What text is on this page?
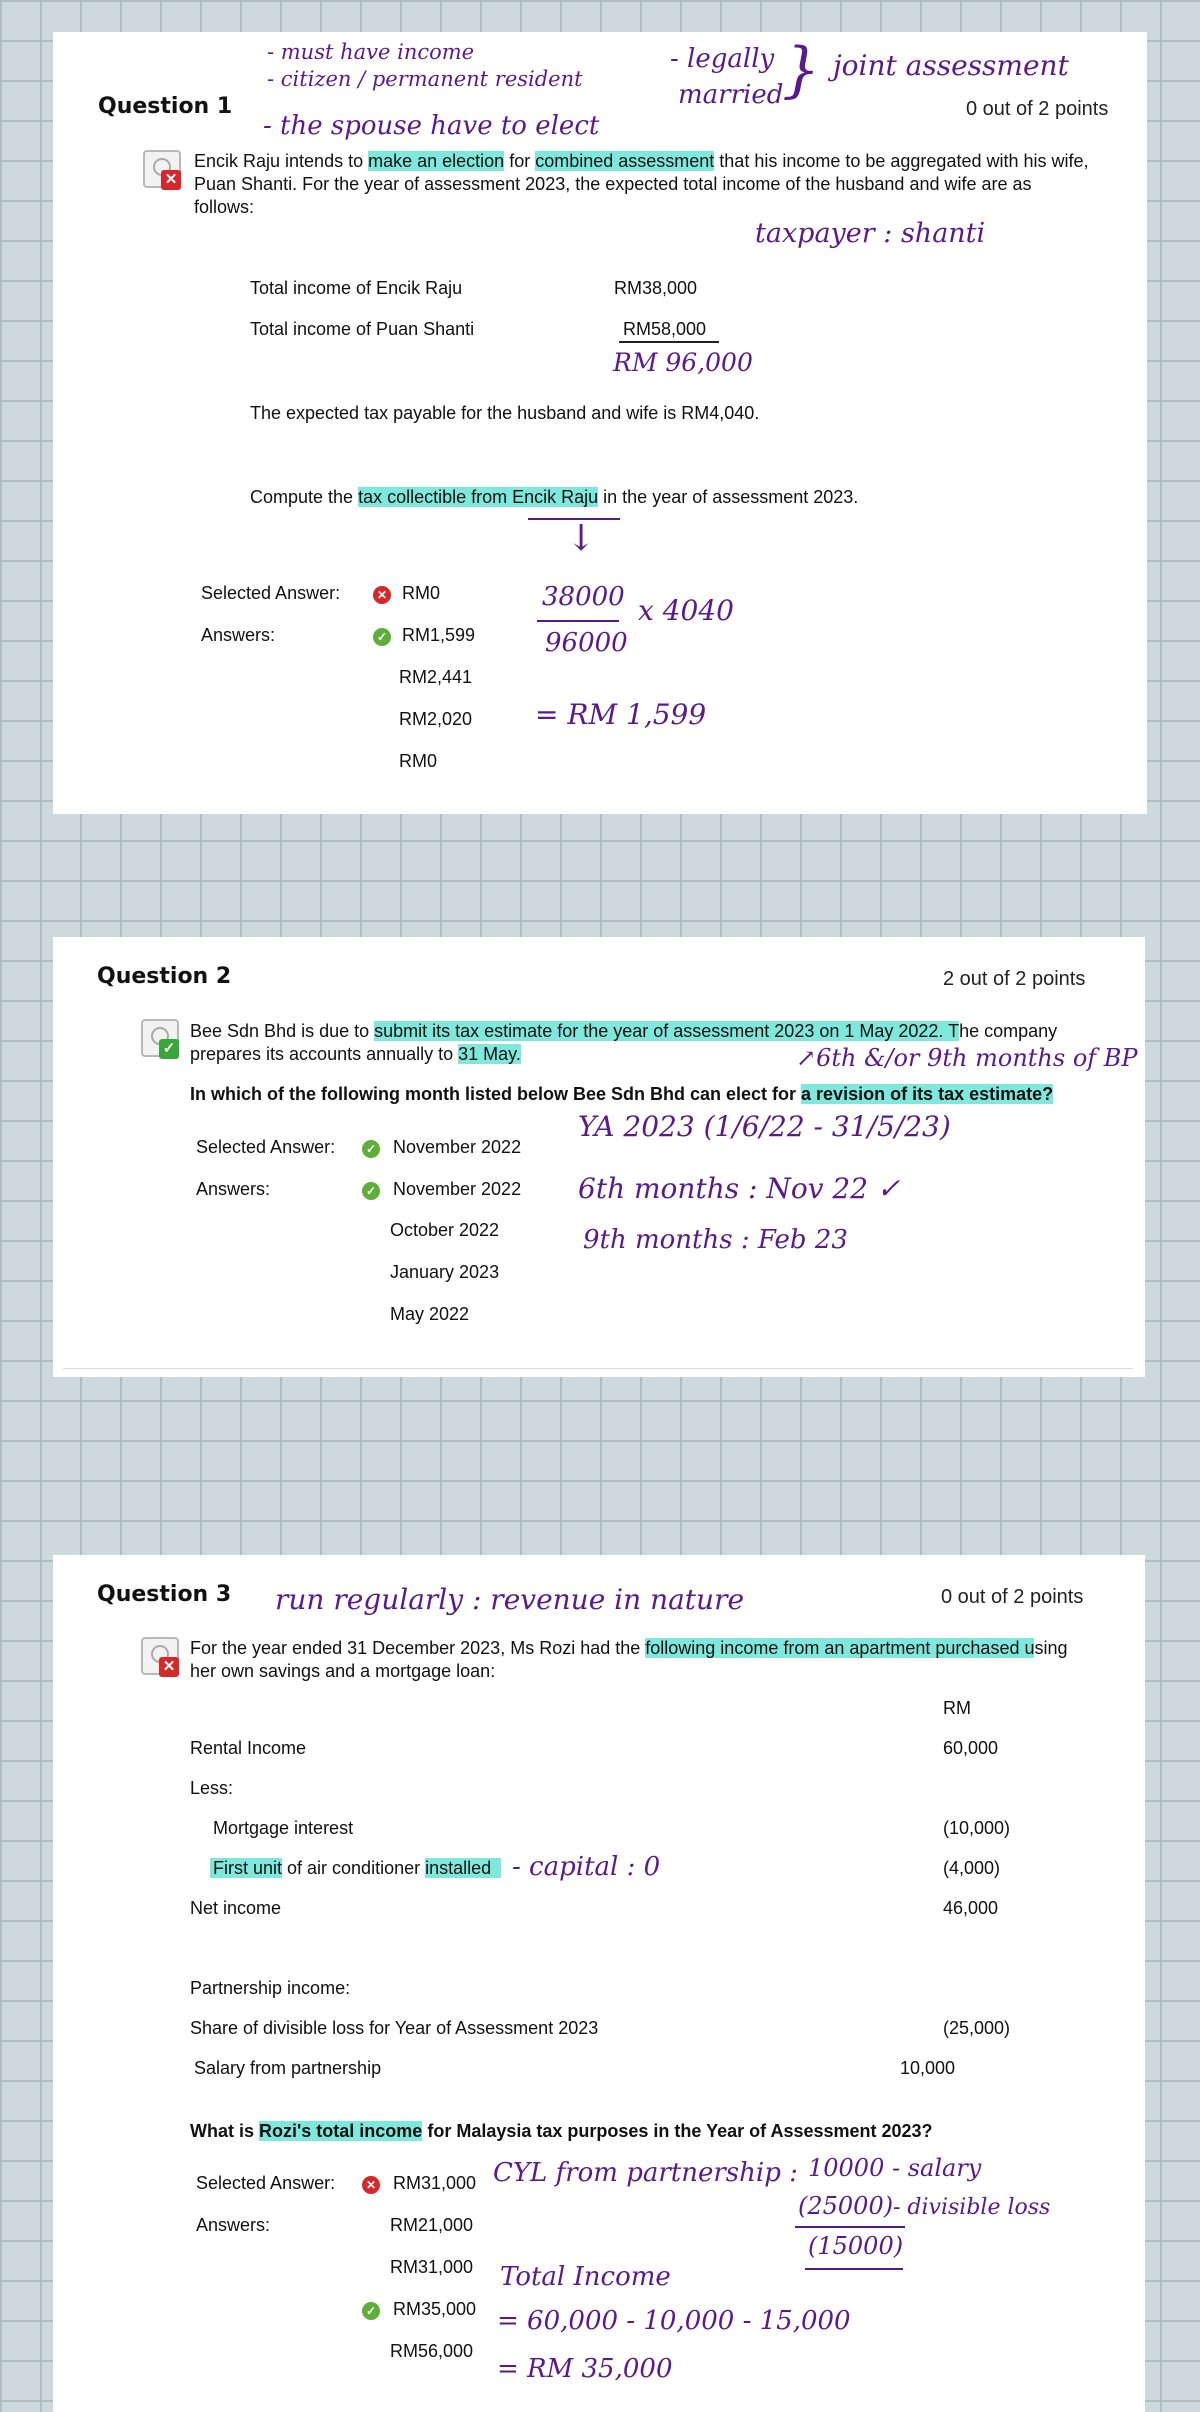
Question 1	0 out of 2 points
✕
Encik Raju intends to make an election for combined assessment that his income to be aggregated with his wife,
Puan Shanti. For the year of assessment 2023, the expected total income of the husband and wife are as
follows:
Total income of Encik Raju	RM38,000
Total income of Puan Shanti	RM58,000
The expected tax payable for the husband and wife is RM4,040.
Compute the tax collectible from Encik Raju in the year of assessment 2023.
Selected Answer:	✕ RM0
Answers:	✓ RM1,599
RM2,441
RM2,020
RM0
Question 2	2 out of 2 points
✓
Bee Sdn Bhd is due to submit its tax estimate for the year of assessment 2023 on 1 May 2022. The company
prepares its accounts annually to 31 May.
In which of the following month listed below Bee Sdn Bhd can elect for a revision of its tax estimate?
Selected Answer:	✓ November 2022
Answers:	✓ November 2022
October 2022
January 2023
May 2022
Question 3	0 out of 2 points
✕
For the year ended 31 December 2023, Ms Rozi had the following income from an apartment purchased using
her own savings and a mortgage loan:
RM
Rental Income	60,000
Less:
Mortgage interest	(10,000)
First unit of air conditioner installed	(4,000)
Net income	46,000
Partnership income:
Share of divisible loss for Year of Assessment 2023	(25,000)
Salary from partnership	10,000
What is Rozi's total income for Malaysia tax purposes in the Year of Assessment 2023?
Selected Answer:	✕ RM31,000
Answers:	RM21,000
RM31,000
✓ RM35,000
RM56,000
- must have income
- citizen / permanent resident
- the spouse have to elect
- legally
married
} joint assessment
taxpayer : shanti
RM 96,000
↓
38000
96000
x 4040
= RM 1,599
↗6th &/or 9th months of BP
YA 2023 (1/6/22 - 31/5/23)
6th months : Nov 22 ✓
9th months : Feb 23
run regularly : revenue in nature
- capital : 0
CYL from partnership : 10000 - salary
(25000) - divisible loss
(15000)
Total Income
= 60,000 - 10,000 - 15,000
= RM 35,000
